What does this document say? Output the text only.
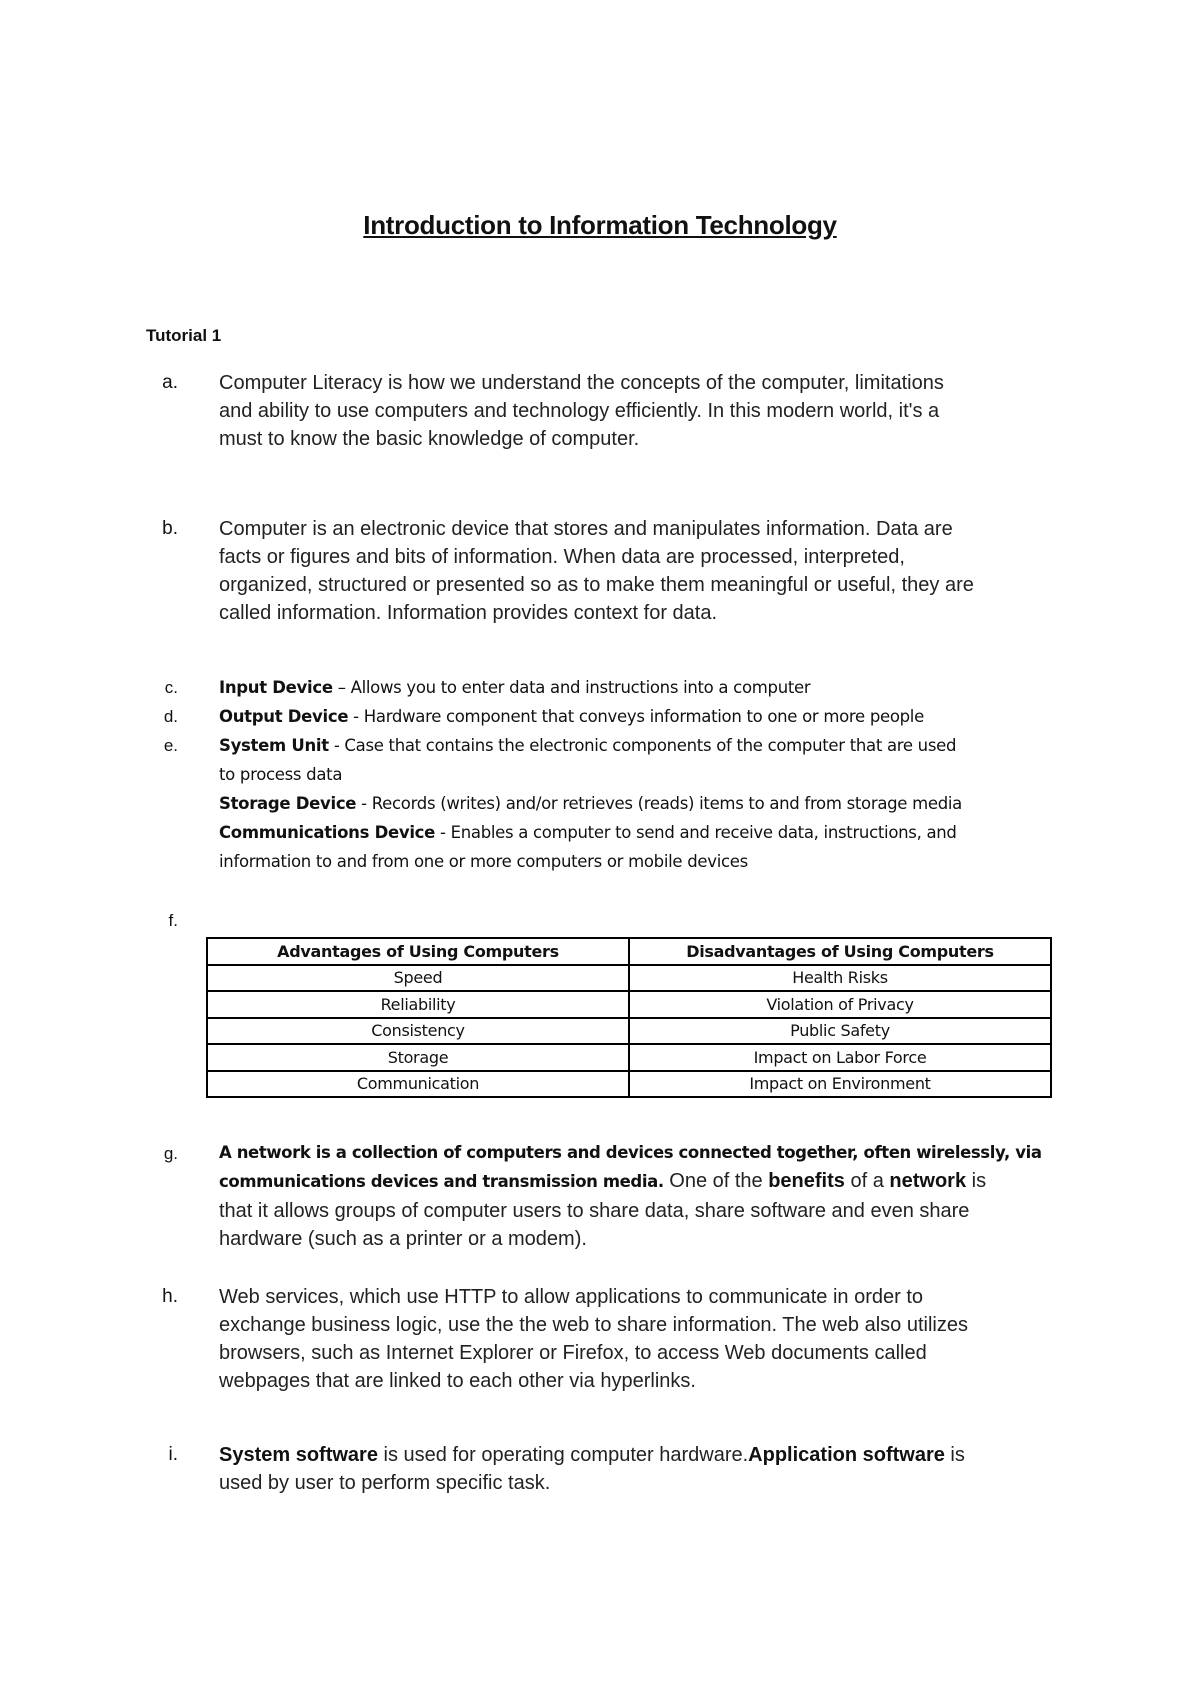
Introduction to Information Technology
Tutorial 1
a.	Computer Literacy is how we understand the concepts of the computer, limitations
and ability to use computers and technology efficiently. In this modern world, it's a
must to know the basic knowledge of computer.
b.	Computer is an electronic device that stores and manipulates information. Data are
facts or figures and bits of information. When data are processed, interpreted,
organized, structured or presented so as to make them meaningful or useful, they are
called information. Information provides context for data.
c.	Input Device – Allows you to enter data and instructions into a computer
d.	Output Device - Hardware component that conveys information to one or more people
e.	System Unit - Case that contains the electronic components of the computer that are used
to process data
Storage Device - Records (writes) and/or retrieves (reads) items to and from storage media
Communications Device - Enables a computer to send and receive data, instructions, and
information to and from one or more computers or mobile devices
f.
Advantages of Using Computers	Disadvantages of Using Computers
Speed	Health Risks
Reliability	Violation of Privacy
Consistency	Public Safety
Storage	Impact on Labor Force
Communication	Impact on Environment
g.	A network is a collection of computers and devices connected together, often wirelessly, via
communications devices and transmission media. One of the benefits of a network is
that it allows groups of computer users to share data, share software and even share
hardware (such as a printer or a modem).
h.	Web services, which use HTTP to allow applications to communicate in order to
exchange business logic, use the the web to share information. The web also utilizes
browsers, such as Internet Explorer or Firefox, to access Web documents called
webpages that are linked to each other via hyperlinks.
i.	System software is used for operating computer hardware.Application software is
used by user to perform specific task.
